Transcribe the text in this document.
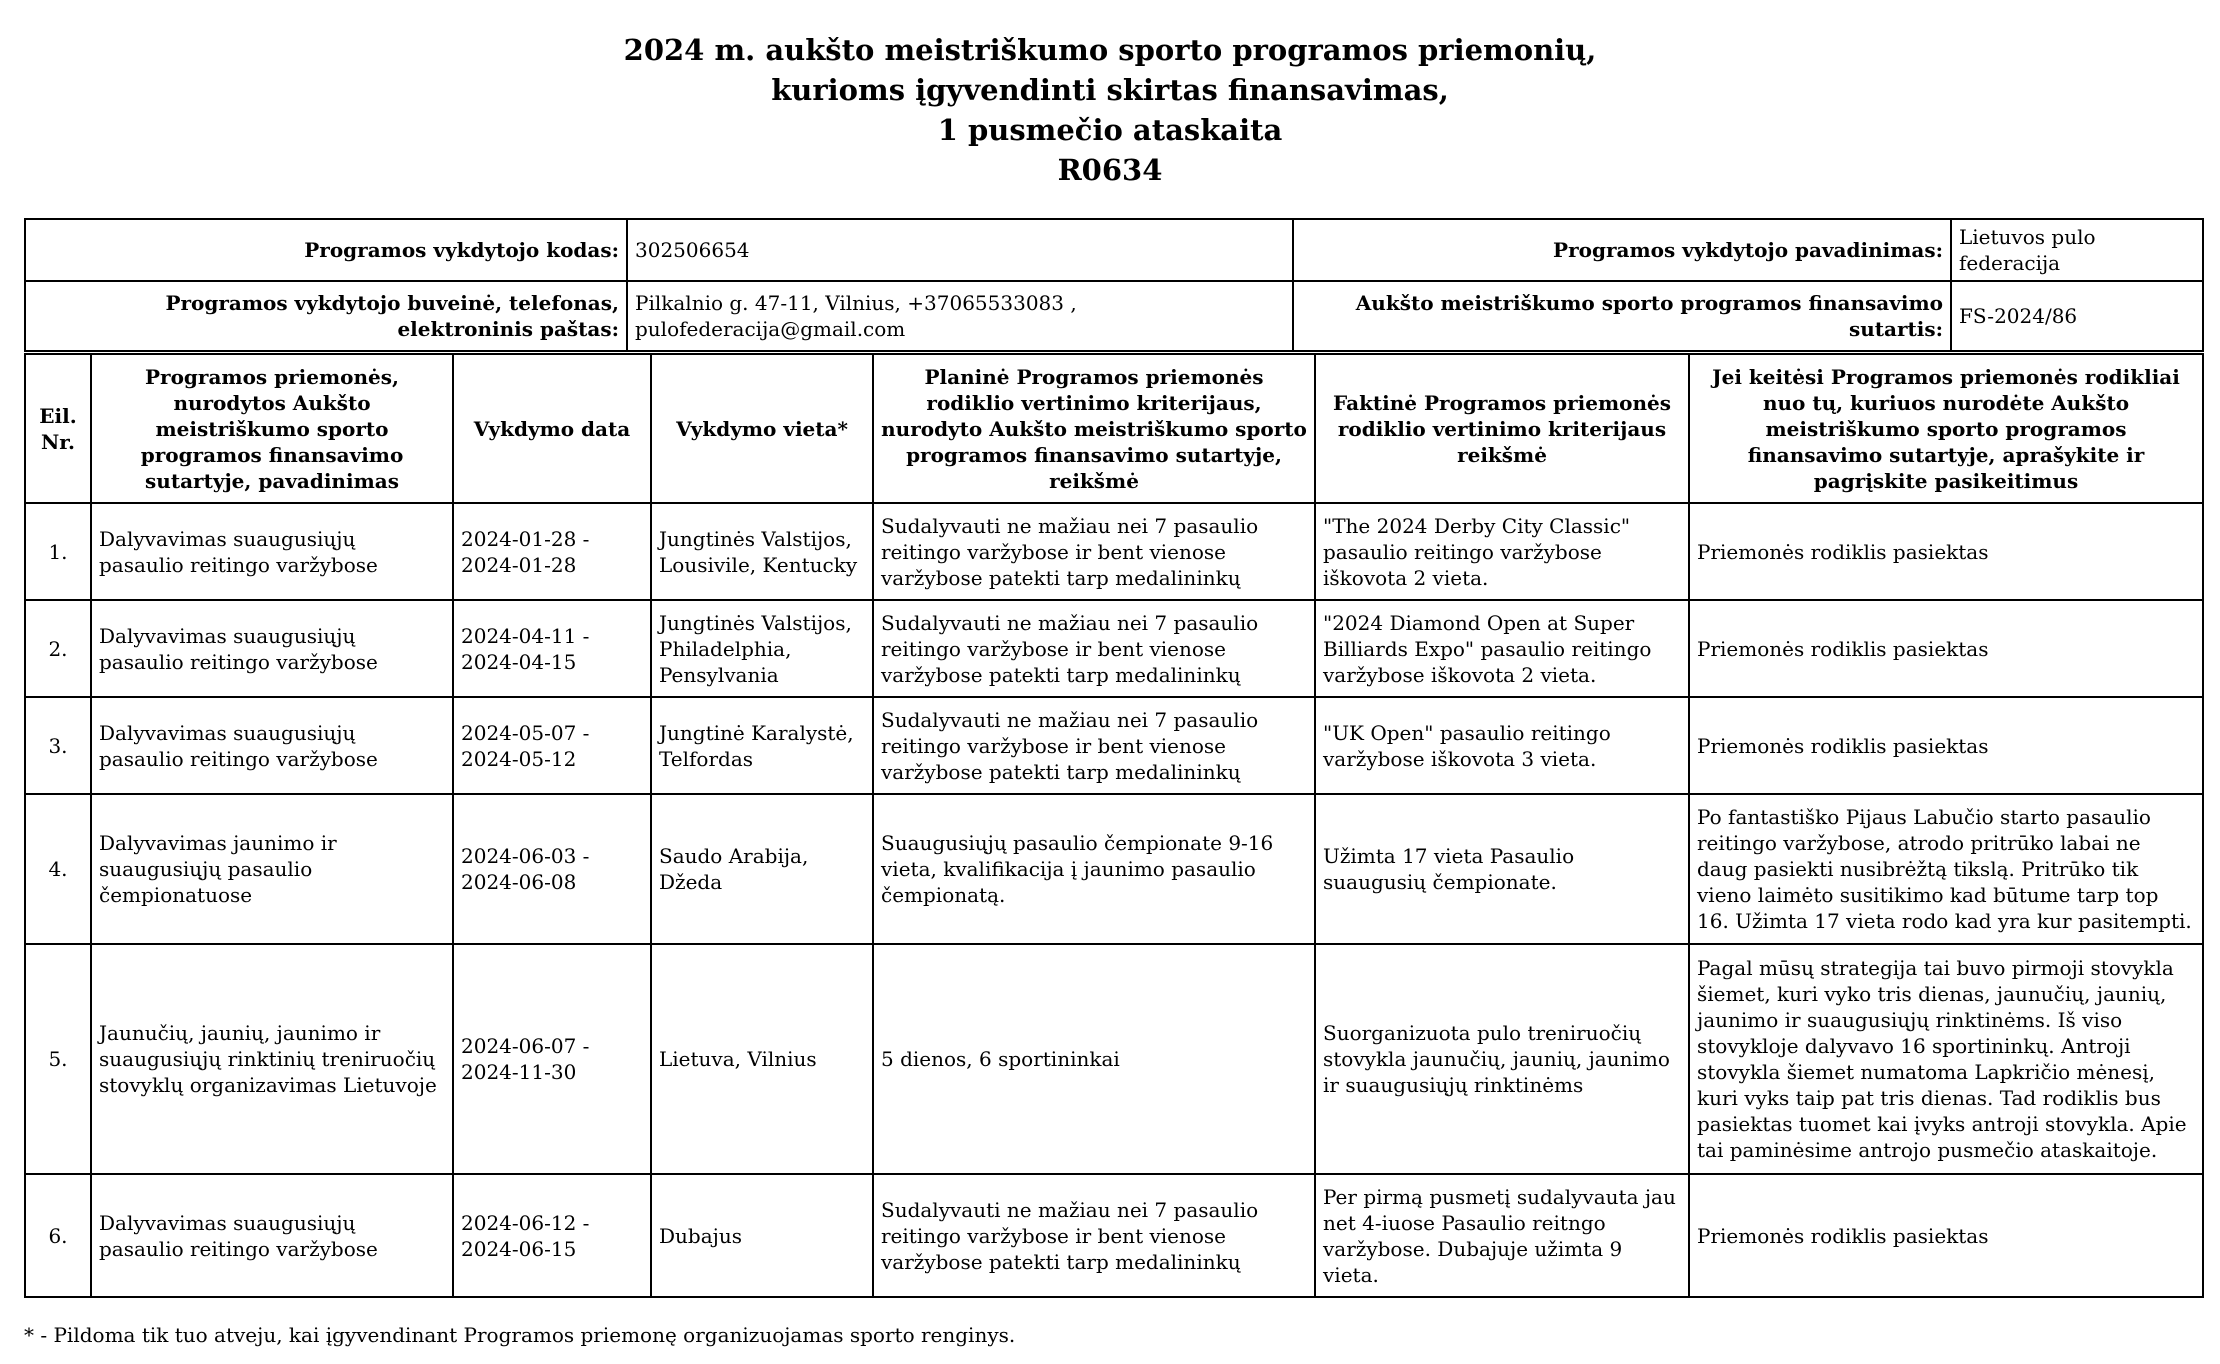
2024 m. aukšto meistriškumo sporto programos priemonių,
kurioms įgyvendinti skirtas finansavimas,
1 pusmečio ataskaita
R0634
Programos vykdytojo kodas:	302506654	Programos vykdytojo pavadinimas:	Lietuvos pulo federacija
Programos vykdytojo buveinė, telefonas, elektroninis paštas:	Pilkalnio g. 47-11, Vilnius, +37065533083 , pulofederacija@gmail.com	Aukšto meistriškumo sporto programos finansavimo sutartis:	FS-2024/86
Eil. Nr.	Programos priemonės, nurodytos Aukšto meistriškumo sporto programos finansavimo sutartyje, pavadinimas	Vykdymo data	Vykdymo vieta*	Planinė Programos priemonės rodiklio vertinimo kriterijaus, nurodyto Aukšto meistriškumo sporto programos finansavimo sutartyje, reikšmė	Faktinė Programos priemonės rodiklio vertinimo kriterijaus reikšmė	Jei keitėsi Programos priemonės rodikliai nuo tų, kuriuos nurodėte Aukšto meistriškumo sporto programos finansavimo sutartyje, aprašykite ir pagrįskite pasikeitimus
1.	Dalyvavimas suaugusiųjų pasaulio reitingo varžybose	2024-01-28 - 2024-01-28	Jungtinės Valstijos, Lousivile, Kentucky	Sudalyvauti ne mažiau nei 7 pasaulio reitingo varžybose ir bent vienose varžybose patekti tarp medalininkų	"The 2024 Derby City Classic" pasaulio reitingo varžybose iškovota 2 vieta.	Priemonės rodiklis pasiektas
2.	Dalyvavimas suaugusiųjų pasaulio reitingo varžybose	2024-04-11 - 2024-04-15	Jungtinės Valstijos, Philadelphia, Pensylvania	Sudalyvauti ne mažiau nei 7 pasaulio reitingo varžybose ir bent vienose varžybose patekti tarp medalininkų	"2024 Diamond Open at Super Billiards Expo" pasaulio reitingo varžybose iškovota 2 vieta.	Priemonės rodiklis pasiektas
3.	Dalyvavimas suaugusiųjų pasaulio reitingo varžybose	2024-05-07 - 2024-05-12	Jungtinė Karalystė, Telfordas	Sudalyvauti ne mažiau nei 7 pasaulio reitingo varžybose ir bent vienose varžybose patekti tarp medalininkų	"UK Open" pasaulio reitingo varžybose iškovota 3 vieta.	Priemonės rodiklis pasiektas
4.	Dalyvavimas jaunimo ir suaugusiųjų pasaulio čempionatuose	2024-06-03 - 2024-06-08	Saudo Arabija, Džeda	Suaugusiųjų pasaulio čempionate 9-16 vieta, kvalifikacija į jaunimo pasaulio čempionatą.	Užimta 17 vieta Pasaulio suaugusių čempionate.	Po fantastiško Pijaus Labučio starto pasaulio reitingo varžybose, atrodo pritrūko labai ne daug pasiekti nusibrėžtą tikslą. Pritrūko tik vieno laimėto susitikimo kad būtume tarp top 16. Užimta 17 vieta rodo kad yra kur pasitempti.
5.	Jaunučių, jaunių, jaunimo ir suaugusiųjų rinktinių treniruočių stovyklų organizavimas Lietuvoje	2024-06-07 - 2024-11-30	Lietuva, Vilnius	5 dienos, 6 sportininkai	Suorganizuota pulo treniruočių stovykla jaunučių, jaunių, jaunimo ir suaugusiųjų rinktinėms	Pagal mūsų strategija tai buvo pirmoji stovykla šiemet, kuri vyko tris dienas, jaunučių, jaunių, jaunimo ir suaugusiųjų rinktinėms. Iš viso stovykloje dalyvavo 16 sportininkų. Antroji stovykla šiemet numatoma Lapkričio mėnesį, kuri vyks taip pat tris dienas. Tad rodiklis bus pasiektas tuomet kai įvyks antroji stovykla. Apie tai paminėsime antrojo pusmečio ataskaitoje.
6.	Dalyvavimas suaugusiųjų pasaulio reitingo varžybose	2024-06-12 - 2024-06-15	Dubajus	Sudalyvauti ne mažiau nei 7 pasaulio reitingo varžybose ir bent vienose varžybose patekti tarp medalininkų	Per pirmą pusmetį sudalyvauta jau net 4-iuose Pasaulio reitngo varžybose. Dubajuje užimta 9 vieta.	Priemonės rodiklis pasiektas
* - Pildoma tik tuo atveju, kai įgyvendinant Programos priemonę organizuojamas sporto renginys.
